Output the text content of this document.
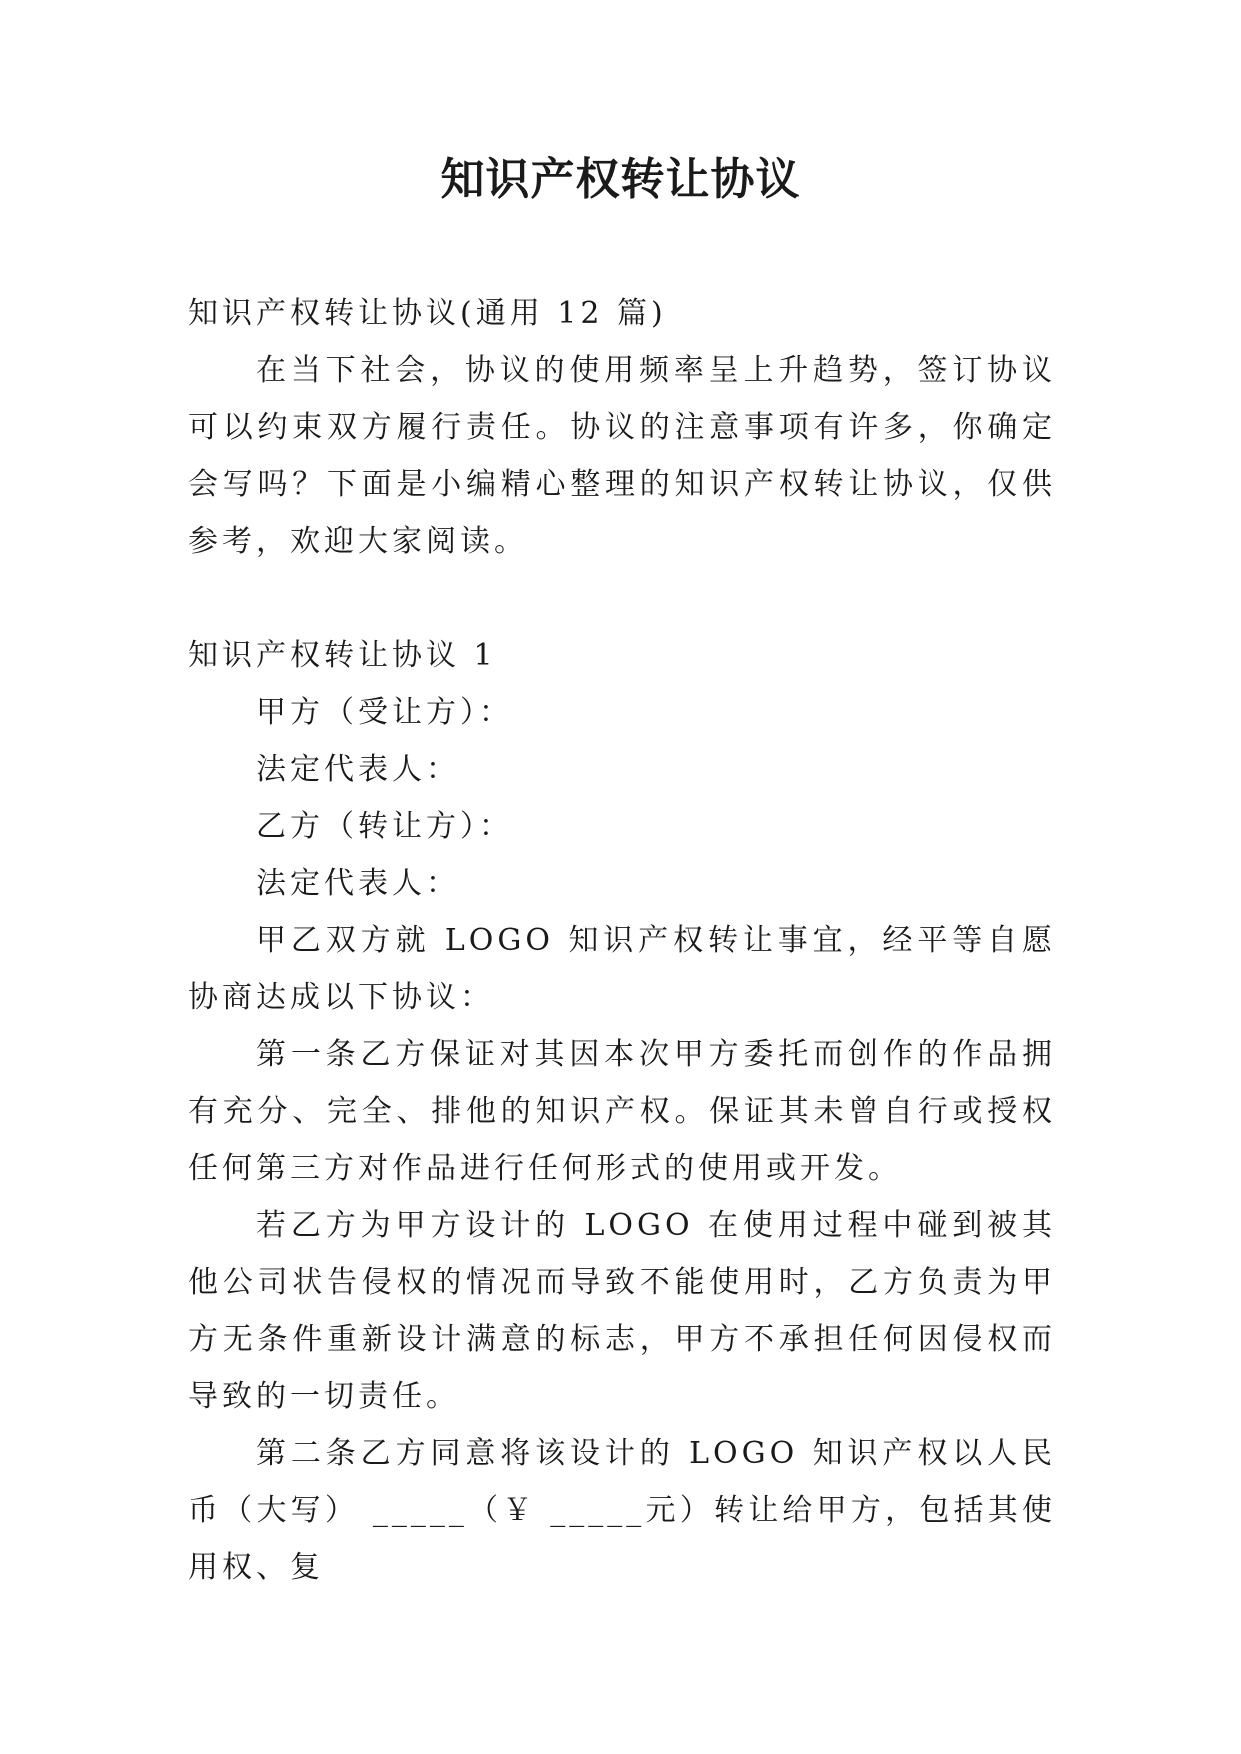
知识产权转让协议

知识产权转让协议(通用 12 篇)

在当下社会，协议的使用频率呈上升趋势，签订协议可以约束双方履行责任。协议的注意事项有许多，你确定会写吗？下面是小编精心整理的知识产权转让协议，仅供参考，欢迎大家阅读。

知识产权转让协议 1

甲方（受让方）：

法定代表人：

乙方（转让方）：

法定代表人：

甲乙双方就 LOGO 知识产权转让事宜，经平等自愿协商达成以下协议：

第一条乙方保证对其因本次甲方委托而创作的作品拥有充分、完全、排他的知识产权。保证其未曾自行或授权任何第三方对作品进行任何形式的使用或开发。

若乙方为甲方设计的 LOGO 在使用过程中碰到被其他公司状告侵权的情况而导致不能使用时，乙方负责为甲方无条件重新设计满意的标志，甲方不承担任何因侵权而导致的一切责任。

第二条乙方同意将该设计的 LOGO 知识产权以人民币（大写） _____（￥ _____元）转让给甲方，包括其使用权、复
